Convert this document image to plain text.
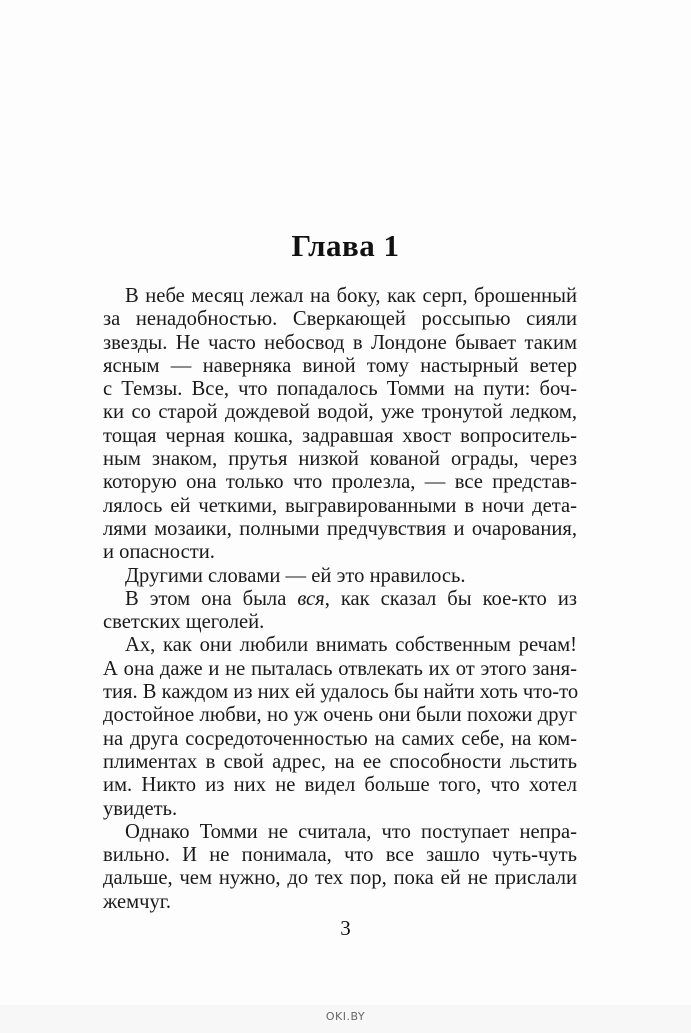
Глава 1
В небе месяц лежал на боку, как серп, брошенный
за ненадобностью. Сверкающей россыпью сияли
звезды. Не часто небосвод в Лондоне бывает таким
ясным — наверняка виной тому настырный ветер
с Темзы. Все, что попадалось Томми на пути: боч-
ки со старой дождевой водой, уже тронутой ледком,
тощая черная кошка, задравшая хвост вопроситель-
ным знаком, прутья низкой кованой ограды, через
которую она только что пролезла, — все представ-
лялось ей четкими, выгравированными в ночи дета-
лями мозаики, полными предчувствия и очарования,
и опасности.
Другими словами — ей это нравилось.
В этом она была вся, как сказал бы кое-кто из
светских щеголей.
Ах, как они любили внимать собственным речам!
А она даже и не пыталась отвлекать их от этого заня-
тия. В каждом из них ей удалось бы найти хоть что-то
достойное любви, но уж очень они были похожи друг
на друга сосредоточенностью на самих себе, на ком-
плиментах в свой адрес, на ее способности льстить
им. Никто из них не видел больше того, что хотел
увидеть.
Однако Томми не считала, что поступает непра-
вильно. И не понимала, что все зашло чуть-чуть
дальше, чем нужно, до тех пор, пока ей не прислали
жемчуг.
3
OKI.BY
